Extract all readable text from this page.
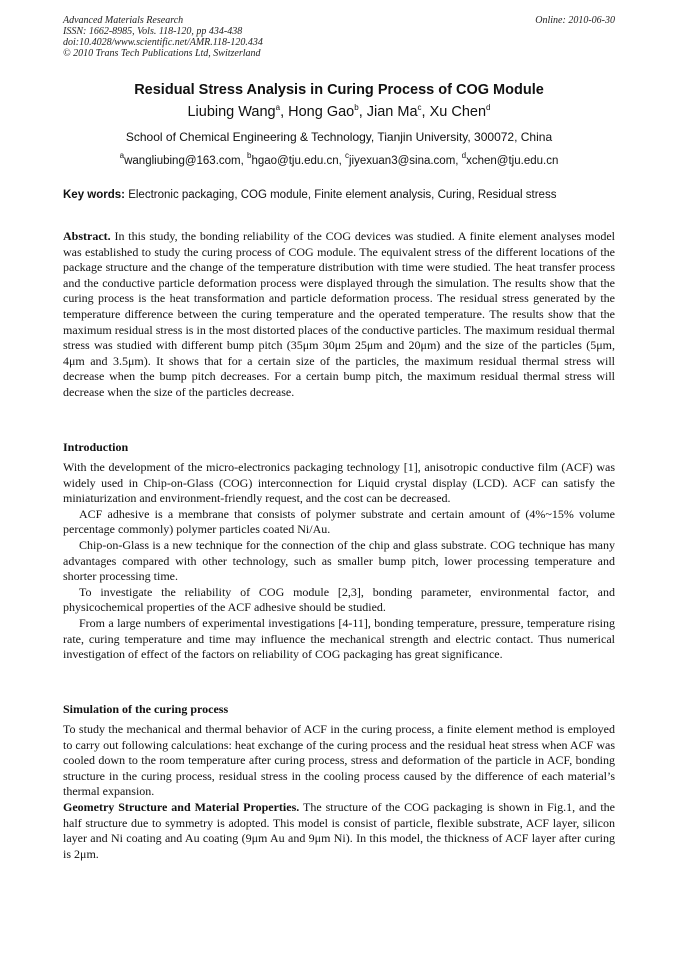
Advanced Materials Research
ISSN: 1662-8985, Vols. 118-120, pp 434-438
doi:10.4028/www.scientific.net/AMR.118-120.434
© 2010 Trans Tech Publications Ltd, Switzerland
Online: 2010-06-30
Residual Stress Analysis in Curing Process of COG Module
Liubing Wang$^a$, Hong Gao$^b$, Jian Ma$^c$, Xu Chen$^d$
School of Chemical Engineering & Technology, Tianjin University, 300072, China
$^a$wangliubing@163.com, $^b$hgao@tju.edu.cn, $^c$jiyexuan3@sina.com, $^d$xchen@tju.edu.cn
Key words: Electronic packaging, COG module, Finite element analysis, Curing, Residual stress
Abstract. In this study, the bonding reliability of the COG devices was studied. A finite element analyses model was established to study the curing process of COG module. The equivalent stress of the different locations of the package structure and the change of the temperature distribution with time were studied. The heat transfer process and the conductive particle deformation process were displayed through the simulation. The results show that the curing process is the heat transformation and particle deformation process. The residual stress generated by the temperature difference between the curing temperature and the operated temperature. The results show that the maximum residual stress is in the most distorted places of the conductive particles. The maximum residual thermal stress was studied with different bump pitch (35μm 30μm 25μm and 20μm) and the size of the particles (5μm, 4μm and 3.5μm). It shows that for a certain size of the particles, the maximum residual thermal stress will decrease when the bump pitch decreases. For a certain bump pitch, the maximum residual thermal stress will decrease when the size of the particles decrease.
Introduction
With the development of the micro-electronics packaging technology [1], anisotropic conductive film (ACF) was widely used in Chip-on-Glass (COG) interconnection for Liquid crystal display (LCD). ACF can satisfy the miniaturization and environment-friendly request, and the cost can be decreased.
ACF adhesive is a membrane that consists of polymer substrate and certain amount of (4%~15% volume percentage commonly) polymer particles coated Ni/Au.
Chip-on-Glass is a new technique for the connection of the chip and glass substrate. COG technique has many advantages compared with other technology, such as smaller bump pitch, lower processing temperature and shorter processing time.
To investigate the reliability of COG module [2,3], bonding parameter, environmental factor, and physicochemical properties of the ACF adhesive should be studied.
From a large numbers of experimental investigations [4-11], bonding temperature, pressure, temperature rising rate, curing temperature and time may influence the mechanical strength and electric contact. Thus numerical investigation of effect of the factors on reliability of COG packaging has great significance.
Simulation of the curing process
To study the mechanical and thermal behavior of ACF in the curing process, a finite element method is employed to carry out following calculations: heat exchange of the curing process and the residual heat stress when ACF was cooled down to the room temperature after curing process, stress and deformation of the particle in ACF, bonding structure in the curing process, residual stress in the cooling process caused by the difference of each material’s thermal expansion.
Geometry Structure and Material Properties. The structure of the COG packaging is shown in Fig.1, and the half structure due to symmetry is adopted. This model is consist of particle, flexible substrate, ACF layer, silicon layer and Ni coating and Au coating (9μm Au and 9μm Ni). In this model, the thickness of ACF layer after curing is 2μm.
